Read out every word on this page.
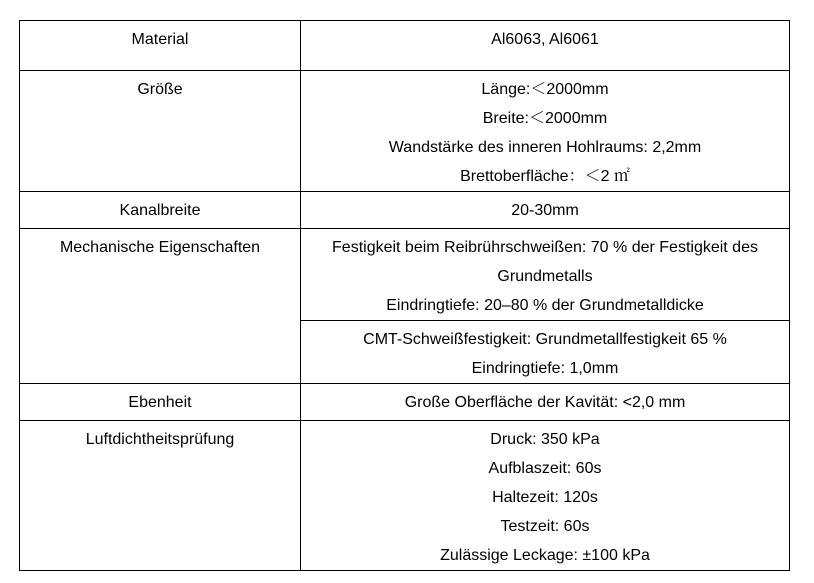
Material	Al6063, Al6061

Größe	Länge:＜2000mm
Breite:＜2000mm
Wandstärke des inneren Hohlraums: 2,2mm
Brettoberfläche：＜2 ㎡

Kanalbreite	20-30mm

Mechanische Eigenschaften	Festigkeit beim Reibrührschweißen: 70 % der Festigkeit des
Grundmetalls
Eindringtiefe: 20–80 % der Grundmetalldicke

	CMT-Schweißfestigkeit: Grundmetallfestigkeit 65 %
Eindringtiefe: 1,0mm

Ebenheit	Große Oberfläche der Kavität: <2,0 mm

Luftdichtheitsprüfung	Druck: 350 kPa
Aufblaszeit: 60s
Haltezeit: 120s
Testzeit: 60s
Zulässige Leckage: ±100 kPa
